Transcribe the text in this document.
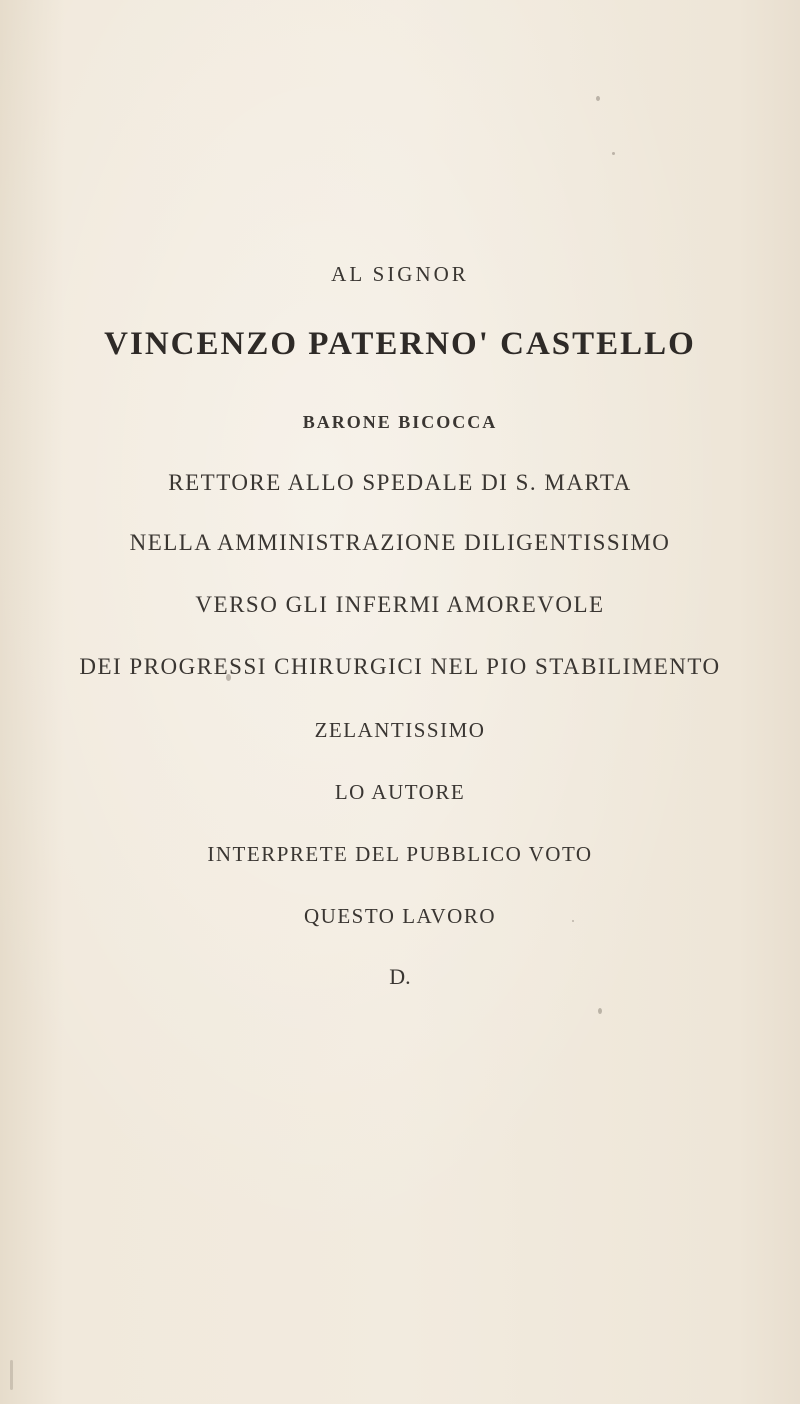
AL SIGNOR
VINCENZO PATERNO' CASTELLO
BARONE BICOCCA
RETTORE ALLO SPEDALE DI S. MARTA
NELLA AMMINISTRAZIONE DILIGENTISSIMO
VERSO GLI INFERMI AMOREVOLE
DEI PROGRESSI CHIRURGICI NEL PIO STABILIMENTO
ZELANTISSIMO
LO AUTORE
INTERPRETE DEL PUBBLICO VOTO
QUESTO LAVORO
D.
